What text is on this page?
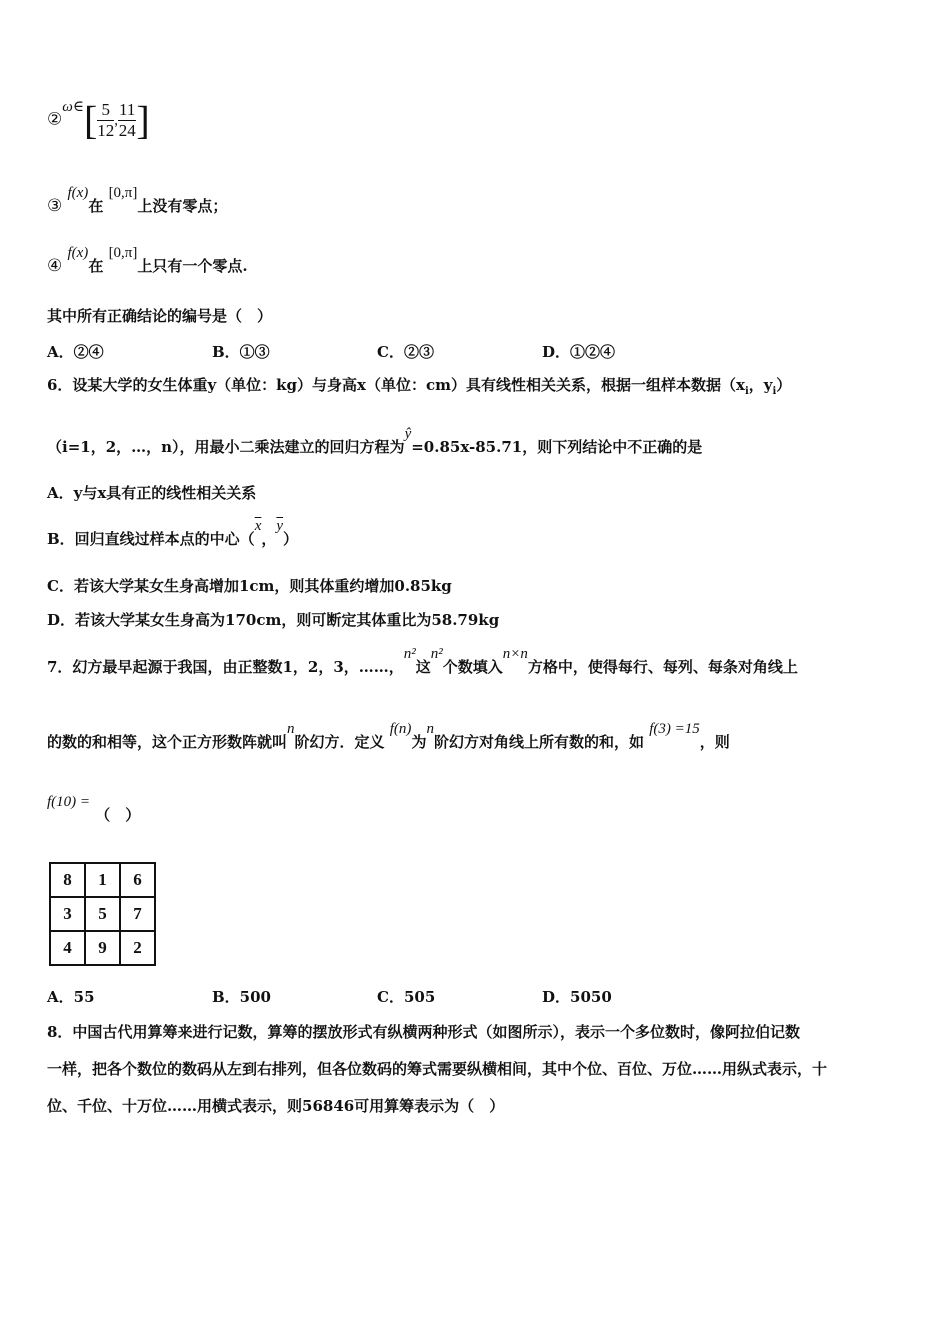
②ω∈[ $\frac{5}{12}$ , $\frac{11}{24}$ ]
③ f(x)在 [0,π]上没有零点；
④ f(x)在 [0,π]上只有一个零点.
其中所有正确结论的编号是（　）
A．②④	B．①③	C．②③	D．①②④
6．设某大学的女生体重y（单位：kg）与身高x（单位：cm）具有线性相关关系，根据一组样本数据（$x_i$，$y_i$）
（i=1，2，…，n），用最小二乘法建立的回归方程为ŷ=0.85x-85.71，则下列结论中不正确的是
A．y与x具有正的线性相关关系
B．回归直线过样本点的中心（$\overline{x}$，$\overline{y}$）
C．若该大学某女生身高增加1cm，则其体重约增加0.85kg
D．若该大学某女生身高为170cm，则可断定其体重比为58.79kg
7．幻方最早起源于我国，由正整数1，2，3，……，n²这n²个数填入n×n方格中，使得每行、每列、每条对角线上
的数的和相等，这个正方形数阵就叫n阶幻方．定义 f(n)为n阶幻方对角线上所有数的和，如 f(3) =15，则
f(10) = （　）
8	1	6
3	5	7
4	9	2
A．55	B．500	C．505	D．5050
8．中国古代用算筹来进行记数，算筹的摆放形式有纵横两种形式（如图所示），表示一个多位数时，像阿拉伯记数
一样，把各个数位的数码从左到右排列，但各位数码的筹式需要纵横相间，其中个位、百位、万位……用纵式表示，十
位、千位、十万位……用横式表示，则56846可用算筹表示为（　）
